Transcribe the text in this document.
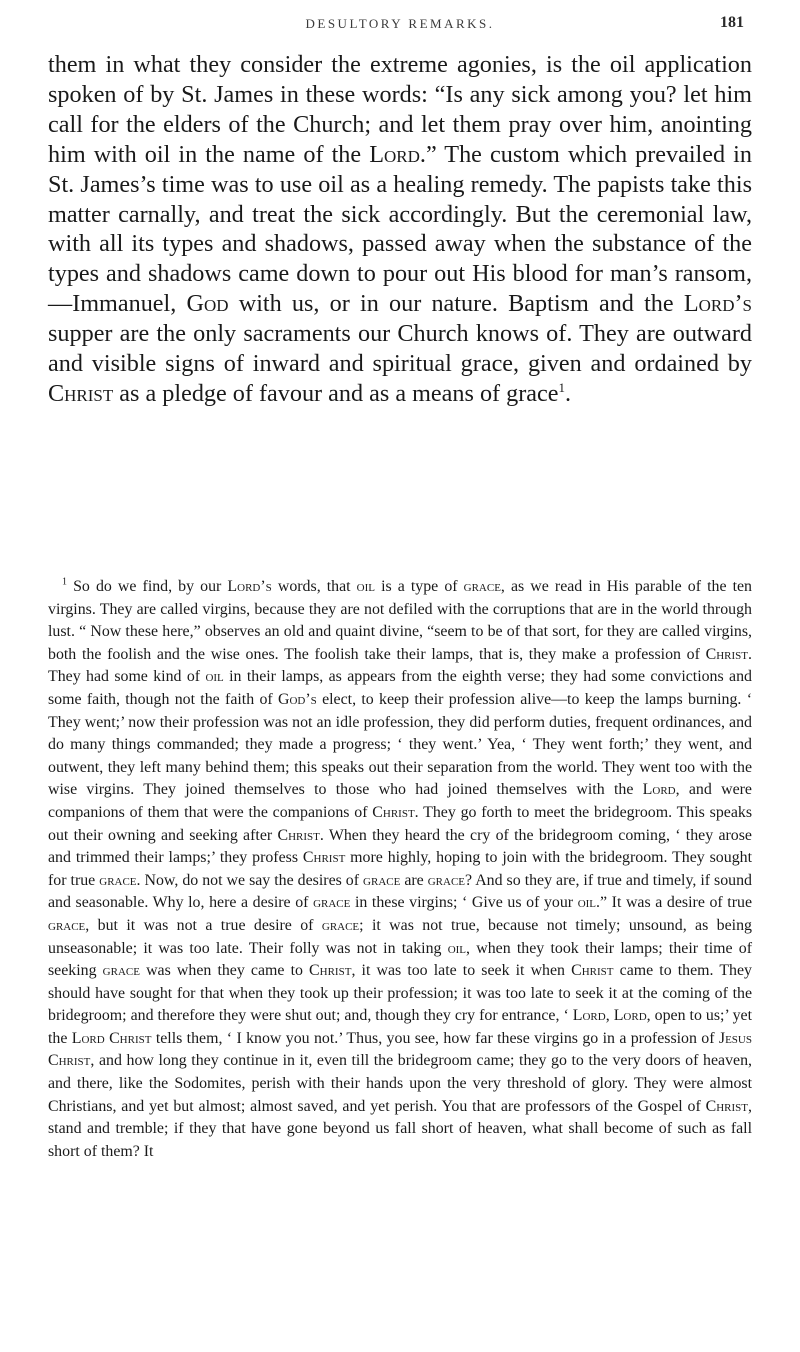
DESULTORY REMARKS.	181

them in what they consider the extreme agonies, is the oil application spoken of by St. James in these words: “Is any sick among you? let him call for the elders of the Church; and let them pray over him, anointing him with oil in the name of the Lord.” The custom which prevailed in St. James’s time was to use oil as a healing remedy. The papists take this matter carnally, and treat the sick accordingly. But the ceremonial law, with all its types and shadows, passed away when the substance of the types and shadows came down to pour out His blood for man’s ransom,—Immanuel, God with us, or in our nature. Baptism and the Lord’s supper are the only sacraments our Church knows of. They are outward and visible signs of inward and spiritual grace, given and ordained by Christ as a pledge of favour and as a means of grace$^1$.

$^1$ So do we find, by our Lord’s words, that oil is a type of grace, as we read in His parable of the ten virgins. They are called virgins, because they are not defiled with the corruptions that are in the world through lust. “ Now these here,” observes an old and quaint divine, “seem to be of that sort, for they are called virgins, both the foolish and the wise ones. The foolish take their lamps, that is, they make a profession of Christ. They had some kind of oil in their lamps, as appears from the eighth verse; they had some convictions and some faith, though not the faith of God’s elect, to keep their profession alive—to keep the lamps burning. ‘ They went;’ now their profession was not an idle profession, they did perform duties, frequent ordinances, and do many things commanded; they made a progress; ‘ they went.’ Yea, ‘ They went forth;’ they went, and outwent, they left many behind them; this speaks out their separation from the world. They went too with the wise virgins. They joined themselves to those who had joined themselves with the Lord, and were companions of them that were the companions of Christ. They go forth to meet the bridegroom. This speaks out their owning and seeking after Christ. When they heard the cry of the bridegroom coming, ‘ they arose and trimmed their lamps;’ they profess Christ more highly, hoping to join with the bridegroom. They sought for true grace. Now, do not we say the desires of grace are grace? And so they are, if true and timely, if sound and seasonable. Why lo, here a desire of grace in these virgins; ‘ Give us of your oil.” It was a desire of true grace, but it was not a true desire of grace; it was not true, because not timely; unsound, as being unseasonable; it was too late. Their folly was not in taking oil, when they took their lamps; their time of seeking grace was when they came to Christ, it was too late to seek it when Christ came to them. They should have sought for that when they took up their profession; it was too late to seek it at the coming of the bridegroom; and therefore they were shut out; and, though they cry for entrance, ‘ Lord, Lord, open to us;’ yet the Lord Christ tells them, ‘ I know you not.’ Thus, you see, how far these virgins go in a profession of Jesus Christ, and how long they continue in it, even till the bridegroom came; they go to the very doors of heaven, and there, like the Sodomites, perish with their hands upon the very threshold of glory. They were almost Christians, and yet but almost; almost saved, and yet perish. You that are professors of the Gospel of Christ, stand and tremble; if they that have gone beyond us fall short of heaven, what shall become of such as fall short of them? It
